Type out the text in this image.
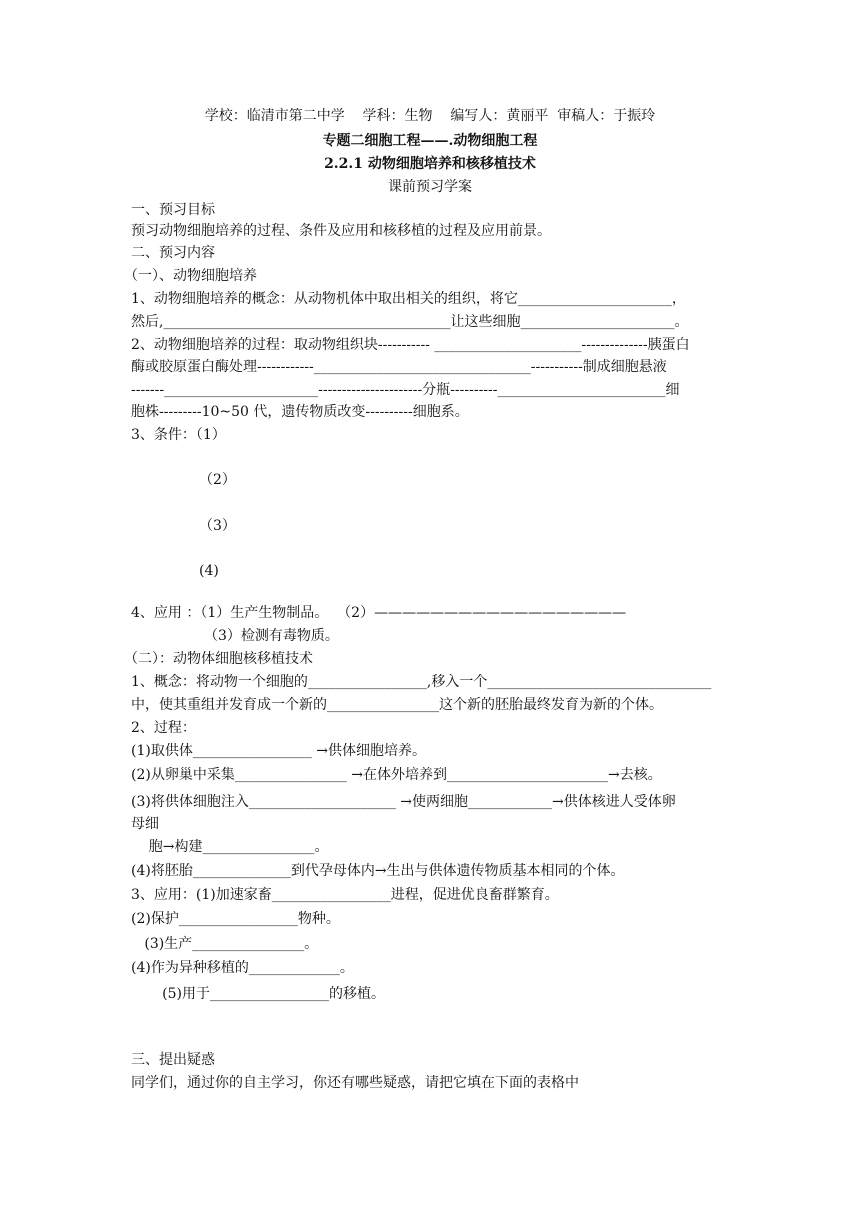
学校：临清市第二中学    学科：生物    编写人：黄丽平  审稿人：于振玲
专题二细胞工程——.动物细胞工程
2.2.1 动物细胞培养和核移植技术
课前预习学案
一、预习目标
预习动物细胞培养的过程、条件及应用和核移植的过程及应用前景。
二、预习内容
（一）、动物细胞培养
1、动物细胞培养的概念：从动物机体中取出相关的组织，将它______________________，
然后,_________________________________________让这些细胞______________________。
2、动物细胞培养的过程：取动物组织块----------- _____________________--------------胰蛋白
酶或胶原蛋白酶处理------------_______________________________-----------制成细胞悬液
-------______________________----------------------分瓶----------________________________细
胞株---------10~50 代，遗传物质改变----------细胞系。
3、条件：（1）
（2）
（3）
(4)
4、应用 ：（1）生产生物制品。  （2）——————————————————
（3）检测有毒物质。
（二）：动物体细胞核移植技术
1、概念：将动物一个细胞的_________________,移入一个________________________________
中，使其重组并发育成一个新的________________这个新的胚胎最终发育为新的个体。
2、过程：
(1)取供体_________________ →供体细胞培养。
(2)从卵巢中采集________________ →在体外培养到_______________________→去核。
(3)将供体细胞注入_____________________ →使两细胞____________→供体核进人受体卵
母细
胞→构建________________。
(4)将胚胎______________到代孕母体内→生出与供体遗传物质基本相同的个体。
3、应用：(1)加速家畜_________________进程，促进优良畜群繁育。
(2)保护_________________物种。
(3)生产________________。
(4)作为异种移植的_____________。
(5)用于_________________的移植。
三、提出疑惑
同学们，通过你的自主学习，你还有哪些疑惑，请把它填在下面的表格中
